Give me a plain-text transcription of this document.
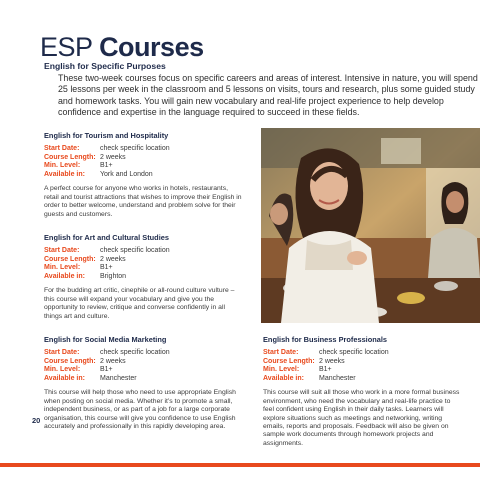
ESP Courses
English for Specific Purposes

These two-week courses focus on specific careers and areas of interest. Intensive in nature, you will spend 25 lessons per week in the classroom and 5 lessons on visits, tours and research, plus some guided study and homework tasks. You will gain new vocabulary and real-life project experience to help develop confidence and expertise in the language required to succeed in these fields.

English for Tourism and Hospitality
Start Date:	check specific location
Course Length: 2 weeks
Min. Level:	B1+
Available in:	York and London

A perfect course for anyone who works in hotels, restaurants, retail and tourist attractions that wishes to improve their English in order to better welcome, understand and problem solve for their guests and customers.

English for Art and Cultural Studies
Start Date:	check specific location
Course Length: 2 weeks
Min. Level:	B1+
Available in:	Brighton

For the budding art critic, cinephile or all-round culture vulture – this course will expand your vocabulary and give you the opportunity to review, critique and converse confidently in all things art and culture.

English for Social Media Marketing
Start Date:	check specific location
Course Length: 2 weeks
Min. Level:	B1+
Available in:	Manchester

This course will help those who need to use appropriate English when posting on social media. Whether it’s to promote a small, independent business, or as part of a job for a large corporate organisation, this course will give you confidence to use English accurately and professionally in this rapidly developing area.

English for Business Professionals
Start Date:	check specific location
Course Length: 2 weeks
Min. Level:	B1+
Available in:	Manchester

This course will suit all those who work in a more formal business environment, who need the vocabulary and real-life practice to feel confident using English in their daily tasks. Learners will explore situations such as meetings and networking, writing emails, reports and proposals. Feedback will also be given on sample work documents through homework projects and assignments.

20
